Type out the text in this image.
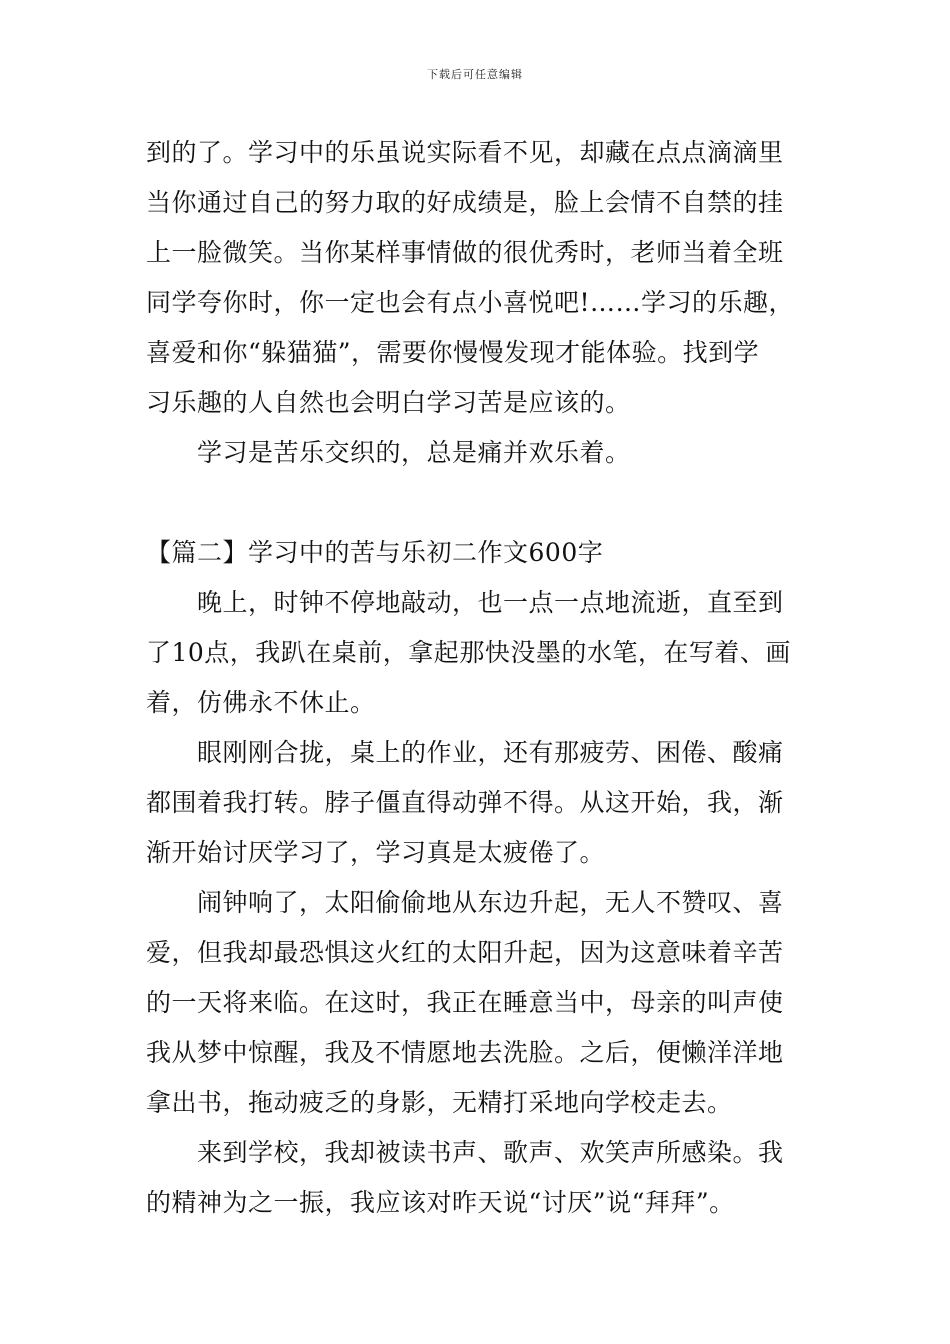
下载后可任意编辑
到的了。学习中的乐虽说实际看不见，却藏在点点滴滴里
当你通过自己的努力取的好成绩是，脸上会情不自禁的挂
上一脸微笑。当你某样事情做的很优秀时，老师当着全班
同学夸你时，你一定也会有点小喜悦吧!……学习的乐趣，
喜爱和你“躲猫猫”，需要你慢慢发现才能体验。找到学
习乐趣的人自然也会明白学习苦是应该的。
学习是苦乐交织的，总是痛并欢乐着。
【篇二】学习中的苦与乐初二作文600字
晚上，时钟不停地敲动，也一点一点地流逝，直至到
了10点，我趴在桌前，拿起那快没墨的水笔，在写着、画
着，仿佛永不休止。
眼刚刚合拢，桌上的作业，还有那疲劳、困倦、酸痛
都围着我打转。脖子僵直得动弹不得。从这开始，我，渐
渐开始讨厌学习了，学习真是太疲倦了。
闹钟响了，太阳偷偷地从东边升起，无人不赞叹、喜
爱，但我却最恐惧这火红的太阳升起，因为这意味着辛苦
的一天将来临。在这时，我正在睡意当中，母亲的叫声使
我从梦中惊醒，我及不情愿地去洗脸。之后，便懒洋洋地
拿出书，拖动疲乏的身影，无精打采地向学校走去。
来到学校，我却被读书声、歌声、欢笑声所感染。我
的精神为之一振，我应该对昨天说“讨厌”说“拜拜”。
